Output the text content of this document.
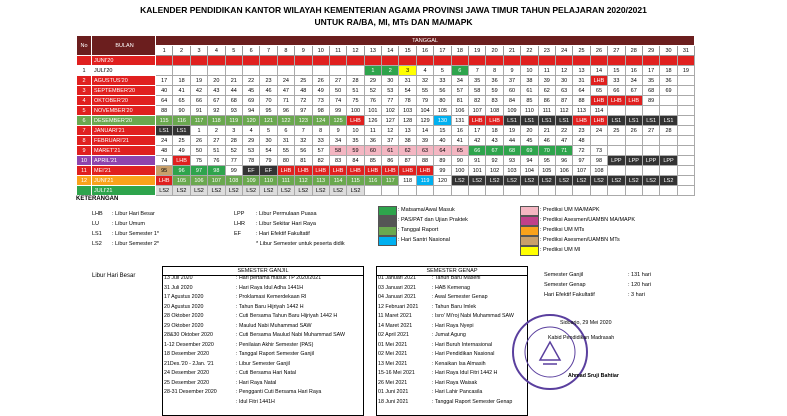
KALENDER PENDIDIKAN KANTOR WILAYAH KEMENTERIAN AGAMA PROVINSI JAWA TIMUR TAHUN PELAJARAN 2020/2021
UNTUK RA/BA, MI, MTs DAN MA/MAPK
No	BULAN	TANGGAL																														
		1	2	3	4	5	6	7	8	9	10	11	12	13	14	15	16	17	18	19	20	21	22	23	24	25	26	27	28	29	30	31
	JUNI'20																															
1	JULI'20													1	2	3	4	5	6	7	8	9	10	11	12	13	14	15	16	17	18	19
2	AGUSTUS'20	17	18	19	20	21	22	23	24	25	26	27	28	29	30	31	32	33	34	35	36	37	38	39	30	31	LHB	33	34	35	36	
3	SEPTEMBER'20	40	41	42	43	44	45	46	47	48	49	50	51	52	53	54	55	56	57	58	59	60	61	62	63	64	65	66	67	68	69	
4	OKTOBER'20	64	65	66	67	68	69	70	71	72	73	74	75	76	77	78	79	80	81	82	83	84	85	86	87	88	LHB	LHB	LHB	89		
5	NOVEMBER'20	88	90	91	92	93	94	95	96	97	98	99	100	101	102	103	104	105	106	107	108	109	110	111	112	113	114					
6	DESEMBER'20	115	116	117	118	119	120	121	122	123	124	125	LHB	126	127	128	129	130	131	LHB	LHB	LS1	LS1	LS1	LS1	LHB	LHB	LS1	LS1	LS1	LS1	
7	JANUARI'21	LS1	LS1	1	2	3	4	5	6	7	8	9	10	11	12	13	14	15	16	17	18	19	20	21	22	23	24	25	26	27	28	
8	FEBRUARI'21	24	25	26	27	28	29	30	31	32	33	34	35	36	37	38	39	40	41	42	43	44	45	46	47	48						
9	MARET'21	48	49	50	51	52	53	54	55	56	57	58	59	60	61	62	63	64	65	66	67	68	69	70	71	72	73					
10	APRIL'21	74	LHB	75	76	77	78	79	80	81	82	83	84	85	86	87	88	89	90	91	92	93	94	95	96	97	98	LPP	LPP	LPP	LPP	
11	MEI'21	95	96	97	98	99	EF	EF	LHB	LHB	LHB	LHB	LHB	LHB	LHB	LHB	LHB	99	100	101	102	103	104	105	106	107	108					
12	JUNI'21	LHB	105	106	107	108	109	110	111	112	113	114	115	116	117	118	119	120	LS2	LS2	LS2	LS2	LS2	LS2	LS2	LS2	LS2	LS2	LS2	LS2	LS2	
	JULI'21	LS2	LS2	LS2	LS2	LS2	LS2	LS2	LS2	LS2	LS2	LS2	LS2																			
KETERANGAN
LHB : Libur Hari Besar
LU : Libur Umum
LS1 : Libur Semester 1*
LS2 : Libur Semester 2*
LPP : Libur Permulaan Puasa
LHR : Libur Sekitar Hari Raya
EF	: Hari Efektif Fakultatif
* Libur Semester untuk peserta didik
: Matsama/Awal Masuk
: PAS/PAT dan Ujian Praktek
: Tanggal Raport
: Hari Santri Nasional
: Prediksi UM MA/MAPK
: Prediksi Asesmen/UAMBN MA/MAPK
: Prediksi UM MTs
: Prediksi Asesmen/UAMBN MTs
: Prediksi UM MI
Libur Hari Besar
SEMESTER GANJIL	SEMESTER GENAP
13 Juli 2020	: Hari pertama masuk TP 2020/2021
31 Juli 2020	: Hari Raya Idul Adha 1441H
17 Agustus 2020	: Proklamasi Kemerdekaan RI
20 Agustus 2020	: Tahun Baru Hijriyah 1442 H
28 Oktober 2020	: Cuti Bersama Tahun Baru Hijriyah 1442 H
29 Oktober 2020	: Maulud Nabi Muhammad SAW
28&30 Oktober 2020	: Cuti Bersama Maulud Nabi Muhammad SAW
1-12 Desember 2020	: Penilaian Akhir Semester (PAS)
18 Desember 2020	: Tanggal Raport Semester Ganjil
21Des.'20 - 2Jan. '21	: Libur Semester Ganjil
24 Desember 2020	: Cuti Bersama Hari Natal
25 Desember 2020	: Hari Raya Natal
28-31 Desember 2020	: Pengganti Cuti Bersama Hari Raya
: Idul Fitri 1441H
01 Januari 2021	: Tahun Baru Masehi
03 Januari 2021	: HAB Kemenag
04 Januari 2021	: Awal Semester Genap
12 Februari 2021	: Tahun Baru Imlek
11 Maret 2021	: Isro' Mi'roj Nabi Muhammad SAW
14 Maret 2021	: Hari Raya Nyepi
02 April 2021	: Jumat Agung
01 Mei 2021	: Hari Buruh Internasional
02 Mei 2021	: Hari Pendidikan Nasional
13 Mei 2021	: Kenaikan Isa Almasih
15-16 Mei 2021	: Hari Raya Idul Fitri 1442 H
26 Mei 2021	: Hari Raya Waisak
01 Juni 2021	: Hari Lahir Pancasila
18 Juni 2021	: Tanggal Raport Semester Genap
Semester Ganjil	: 131 hari
Semester Genap	: 120 hari
Hari Efektif Fakultatif	: 3 hari
Sidoarjo, 29 Mei 2020
Kabid Pendidikan Madrasah
Ahmad Sruji Bahtiar
